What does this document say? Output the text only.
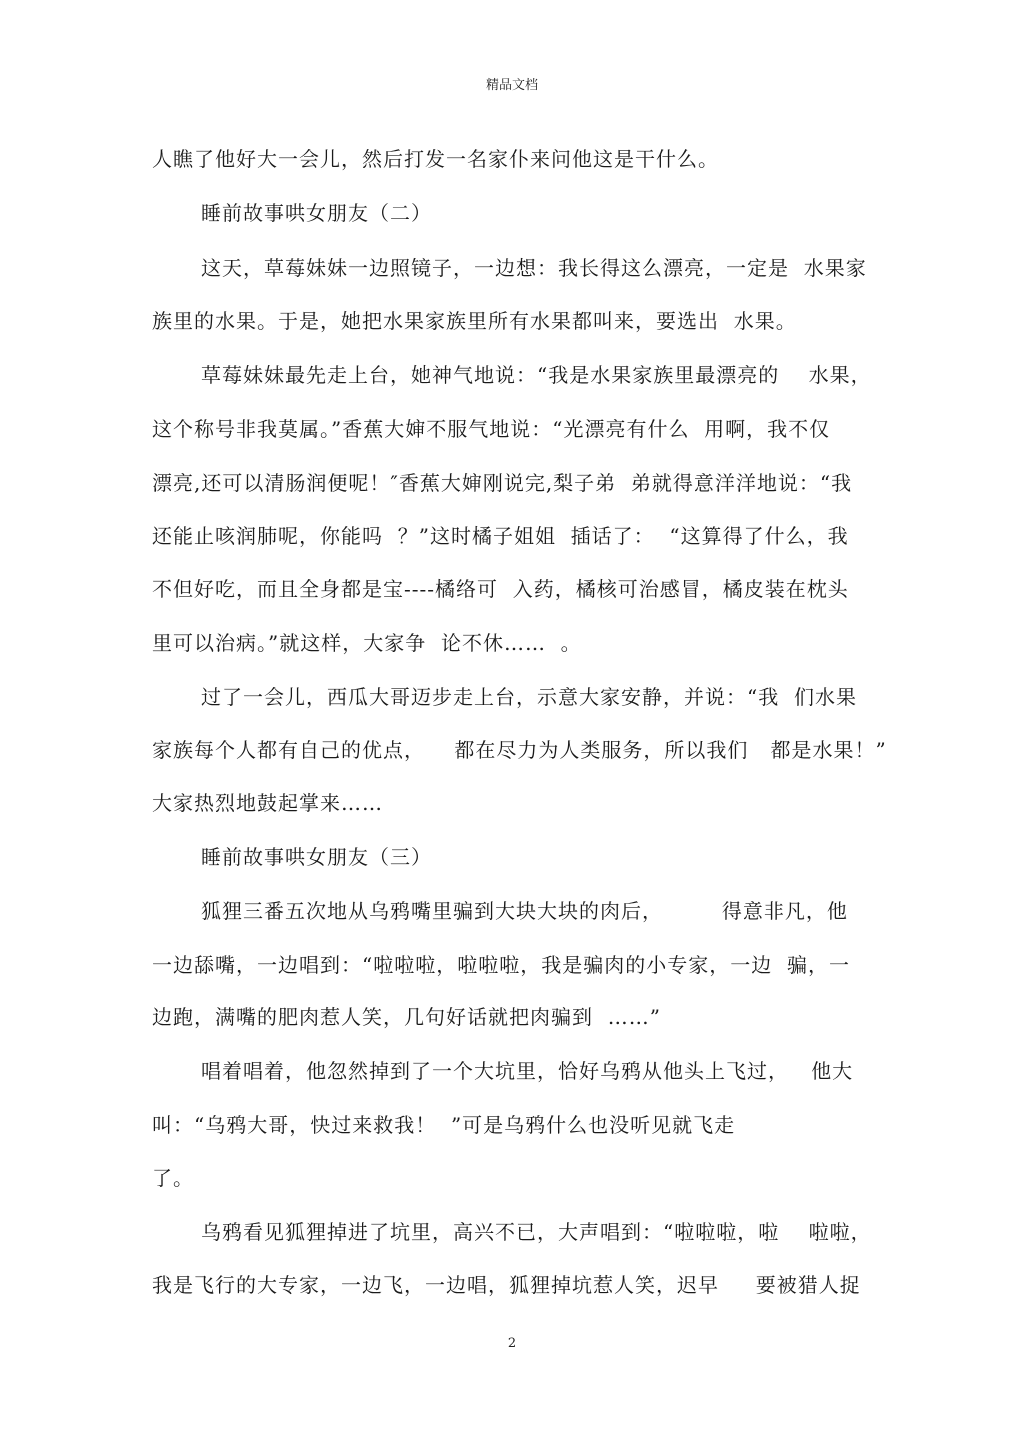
精品文档
人瞧了他好大一会儿，然后打发一名家仆来问他这是干什么。
睡前故事哄女朋友（二）
这天，草莓妹妹一边照镜子，一边想：我长得这么漂亮，一定是  水果家
族里的水果。于是，她把水果家族里所有水果都叫来，要选出  水果。
草莓妹妹最先走上台，她神气地说：“我是水果家族里最漂亮的    水果，
这个称号非我莫属。”香蕉大婶不服气地说：“光漂亮有什么  用啊，我不仅
漂亮,还可以清肠润便呢！″香蕉大婶刚说完,梨子弟  弟就得意洋洋地说：“我
还能止咳润肺呢，你能吗  ？”这时橘子姐姐  插话了：  “这算得了什么，我
不但好吃，而且全身都是宝----橘络可  入药，橘核可治感冒，橘皮装在枕头
里可以治病。”就这样，大家争  论不休……  。
过了一会儿，西瓜大哥迈步走上台，示意大家安静，并说：“我  们水果
家族每个人都有自己的优点，    都在尽力为人类服务，所以我们   都是水果！”
大家热烈地鼓起掌来……
睡前故事哄女朋友（三）
狐狸三番五次地从乌鸦嘴里骗到大块大块的肉后，        得意非凡，他
一边舔嘴，一边唱到：“啦啦啦，啦啦啦，我是骗肉的小专家，一边  骗，一
边跑，满嘴的肥肉惹人笑，几句好话就把肉骗到  ……”
唱着唱着，他忽然掉到了一个大坑里，恰好乌鸦从他头上飞过，   他大
叫：“乌鸦大哥，快过来救我！  ”可是乌鸦什么也没听见就飞走
了。
乌鸦看见狐狸掉进了坑里，高兴不已，大声唱到：“啦啦啦，啦    啦啦，
我是飞行的大专家，一边飞，一边唱，狐狸掉坑惹人笑，迟早     要被猎人捉
2
